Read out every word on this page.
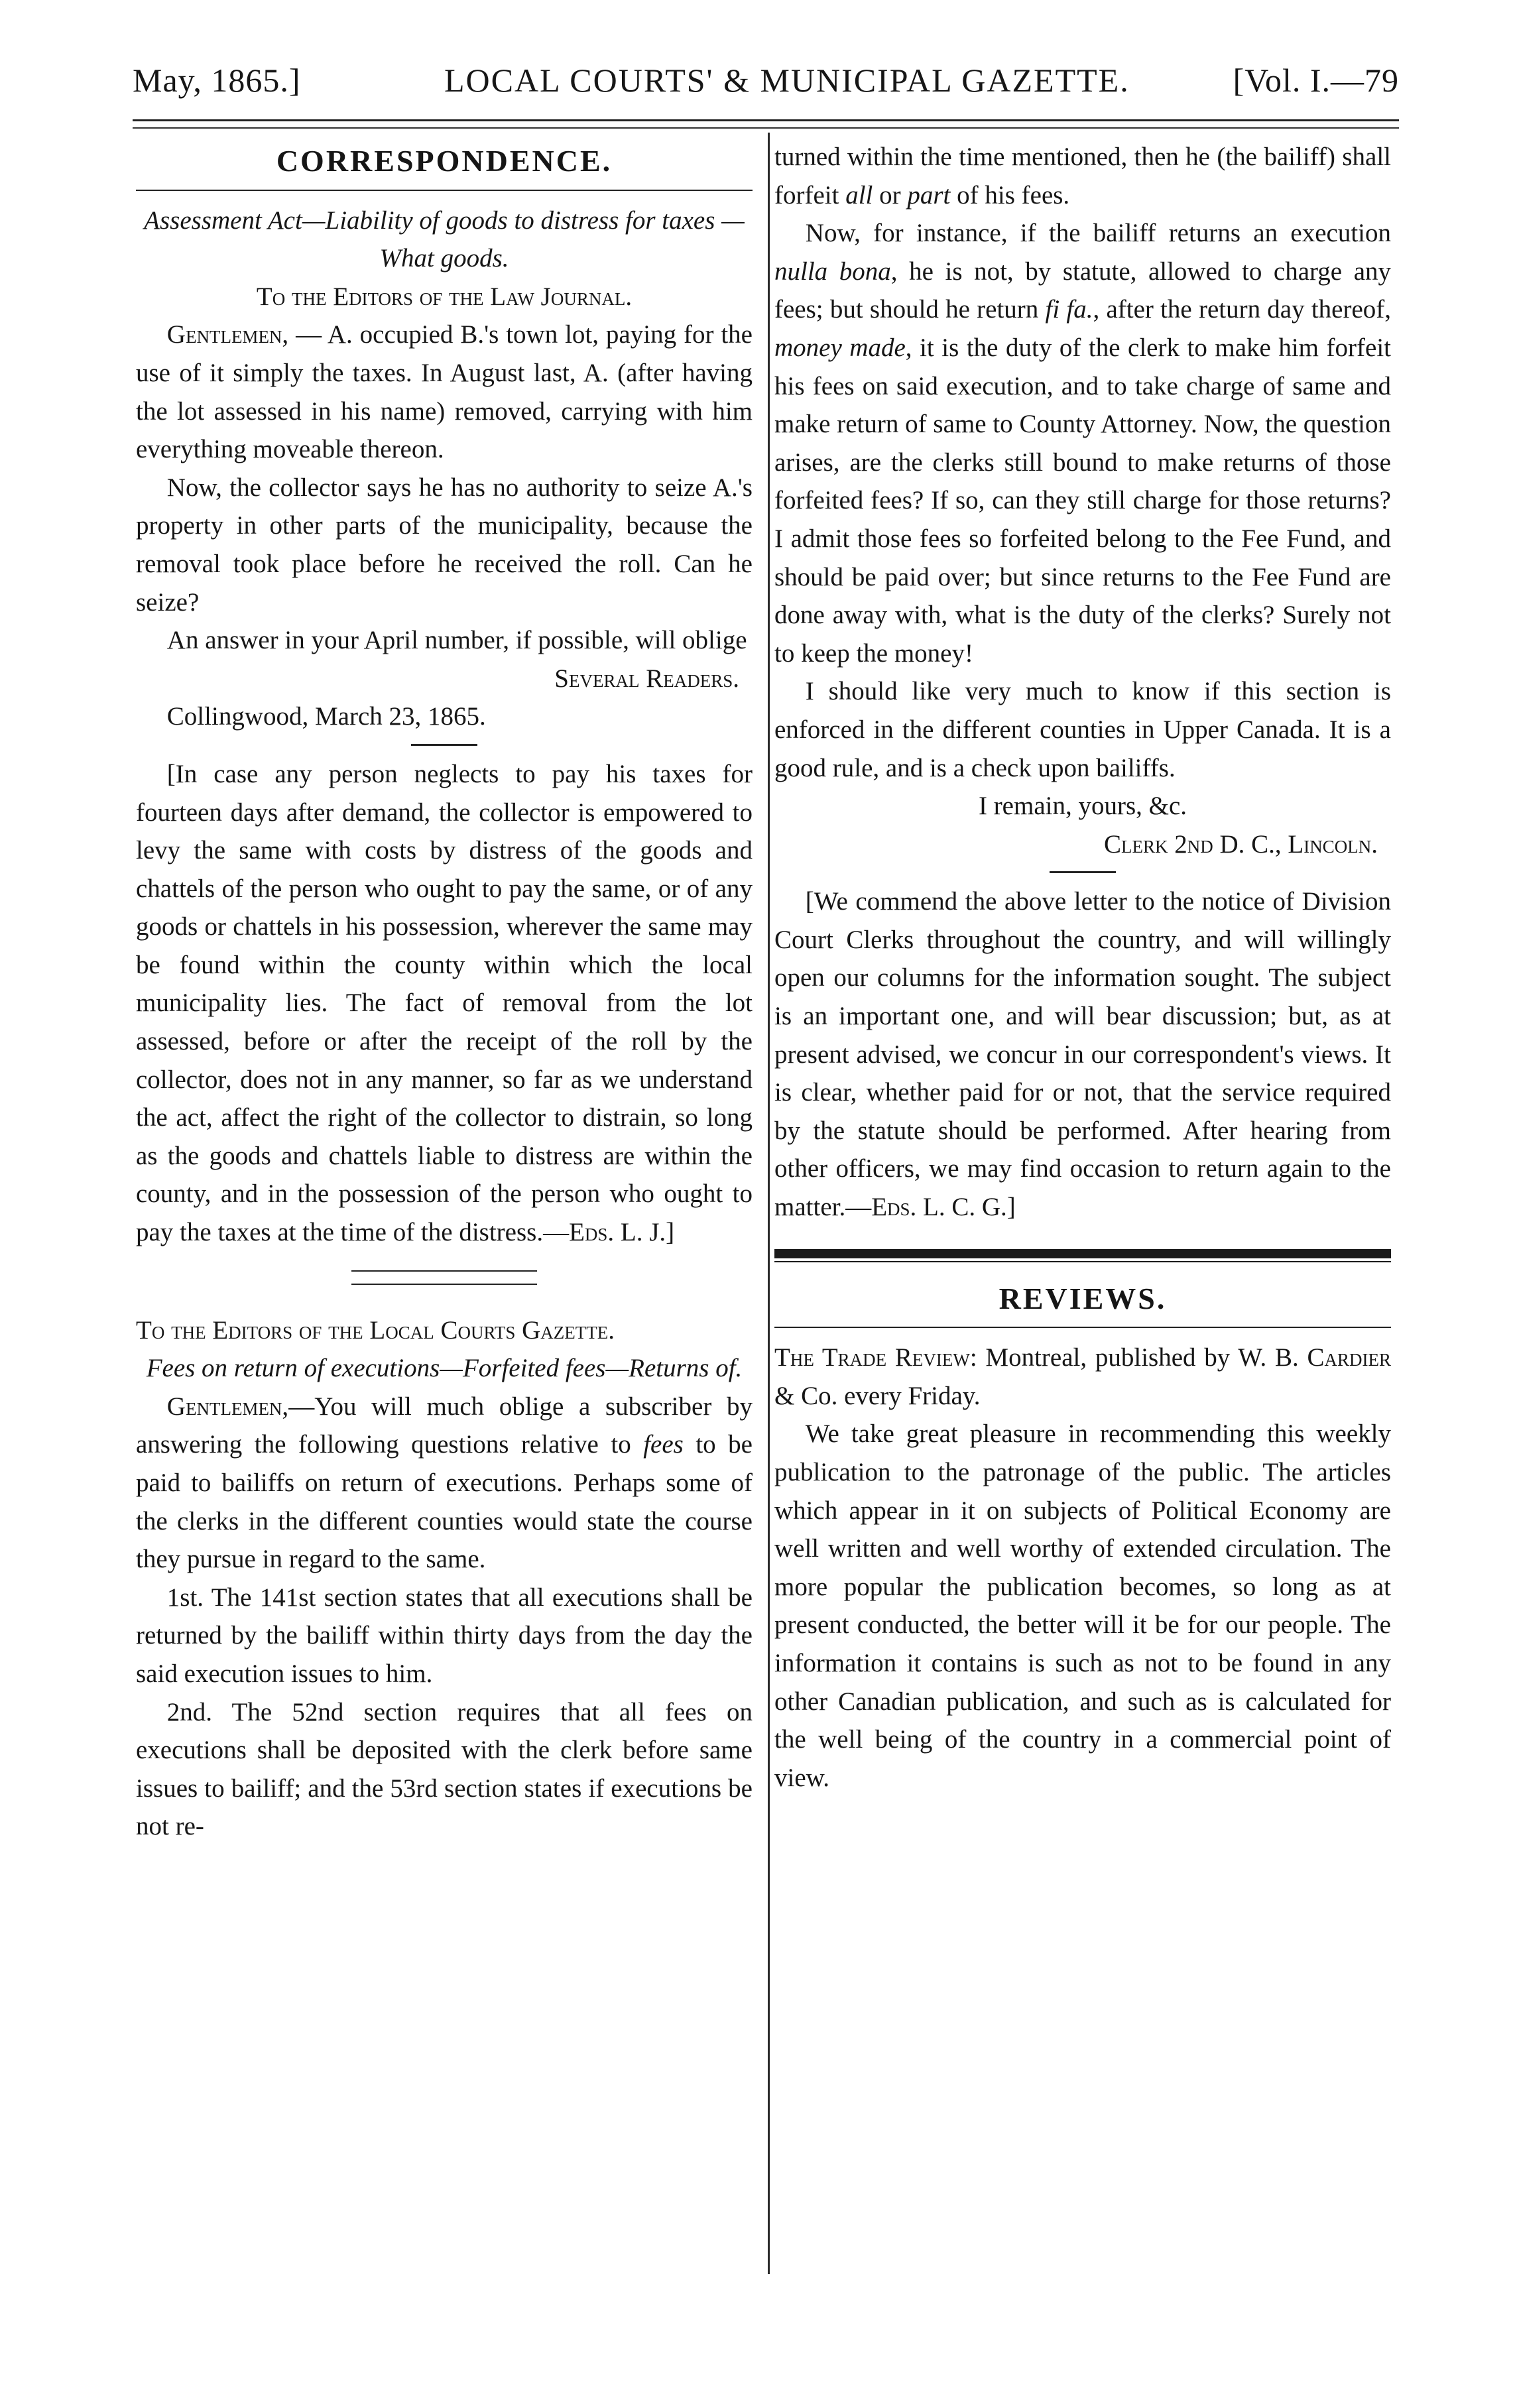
May, 1865.]	LOCAL COURTS' & MUNICIPAL GAZETTE.	[Vol. I.—79
CORRESPONDENCE.

Assessment Act—Liability of goods to distress for taxes — What goods.

To the Editors of the Law Journal.

Gentlemen, — A. occupied B.'s town lot, paying for the use of it simply the taxes. In August last, A. (after having the lot assessed in his name) removed, carrying with him everything moveable thereon.

Now, the collector says he has no authority to seize A.'s property in other parts of the municipality, because the removal took place before he received the roll. Can he seize?

An answer in your April number, if possible, will oblige

Several Readers.

Collingwood, March 23, 1865.

[In case any person neglects to pay his taxes for fourteen days after demand, the collector is empowered to levy the same with costs by distress of the goods and chattels of the person who ought to pay the same, or of any goods or chattels in his possession, wherever the same may be found within the county within which the local municipality lies. The fact of removal from the lot assessed, before or after the receipt of the roll by the collector, does not in any manner, so far as we understand the act, affect the right of the collector to distrain, so long as the goods and chattels liable to distress are within the county, and in the possession of the person who ought to pay the taxes at the time of the distress.—Eds. L. J.]

To the Editors of the Local Courts Gazette.

Fees on return of executions—Forfeited fees—Returns of.

Gentlemen,—You will much oblige a subscriber by answering the following questions relative to fees to be paid to bailiffs on return of executions. Perhaps some of the clerks in the different counties would state the course they pursue in regard to the same.

1st. The 141st section states that all executions shall be returned by the bailiff within thirty days from the day the said execution issues to him.

2nd. The 52nd section requires that all fees on executions shall be deposited with the clerk before same issues to bailiff; and the 53rd section states if executions be not re-

turned within the time mentioned, then he (the bailiff) shall forfeit all or part of his fees.

Now, for instance, if the bailiff returns an execution nulla bona, he is not, by statute, allowed to charge any fees; but should he return fi fa., after the return day thereof, money made, it is the duty of the clerk to make him forfeit his fees on said execution, and to take charge of same and make return of same to County Attorney. Now, the question arises, are the clerks still bound to make returns of those forfeited fees? If so, can they still charge for those returns? I admit those fees so forfeited belong to the Fee Fund, and should be paid over; but since returns to the Fee Fund are done away with, what is the duty of the clerks? Surely not to keep the money!

I should like very much to know if this section is enforced in the different counties in Upper Canada. It is a good rule, and is a check upon bailiffs.

I remain, yours, &c.

Clerk 2nd D. C., Lincoln.

[We commend the above letter to the notice of Division Court Clerks throughout the country, and will willingly open our columns for the information sought. The subject is an important one, and will bear discussion; but, as at present advised, we concur in our correspondent's views. It is clear, whether paid for or not, that the service required by the statute should be performed. After hearing from other officers, we may find occasion to return again to the matter.—Eds. L. C. G.]

REVIEWS.

The Trade Review: Montreal, published by W. B. Cardier & Co. every Friday.

We take great pleasure in recommending this weekly publication to the patronage of the public. The articles which appear in it on subjects of Political Economy are well written and well worthy of extended circulation. The more popular the publication becomes, so long as at present conducted, the better will it be for our people. The information it contains is such as not to be found in any other Canadian publication, and such as is calculated for the well being of the country in a commercial point of view.
